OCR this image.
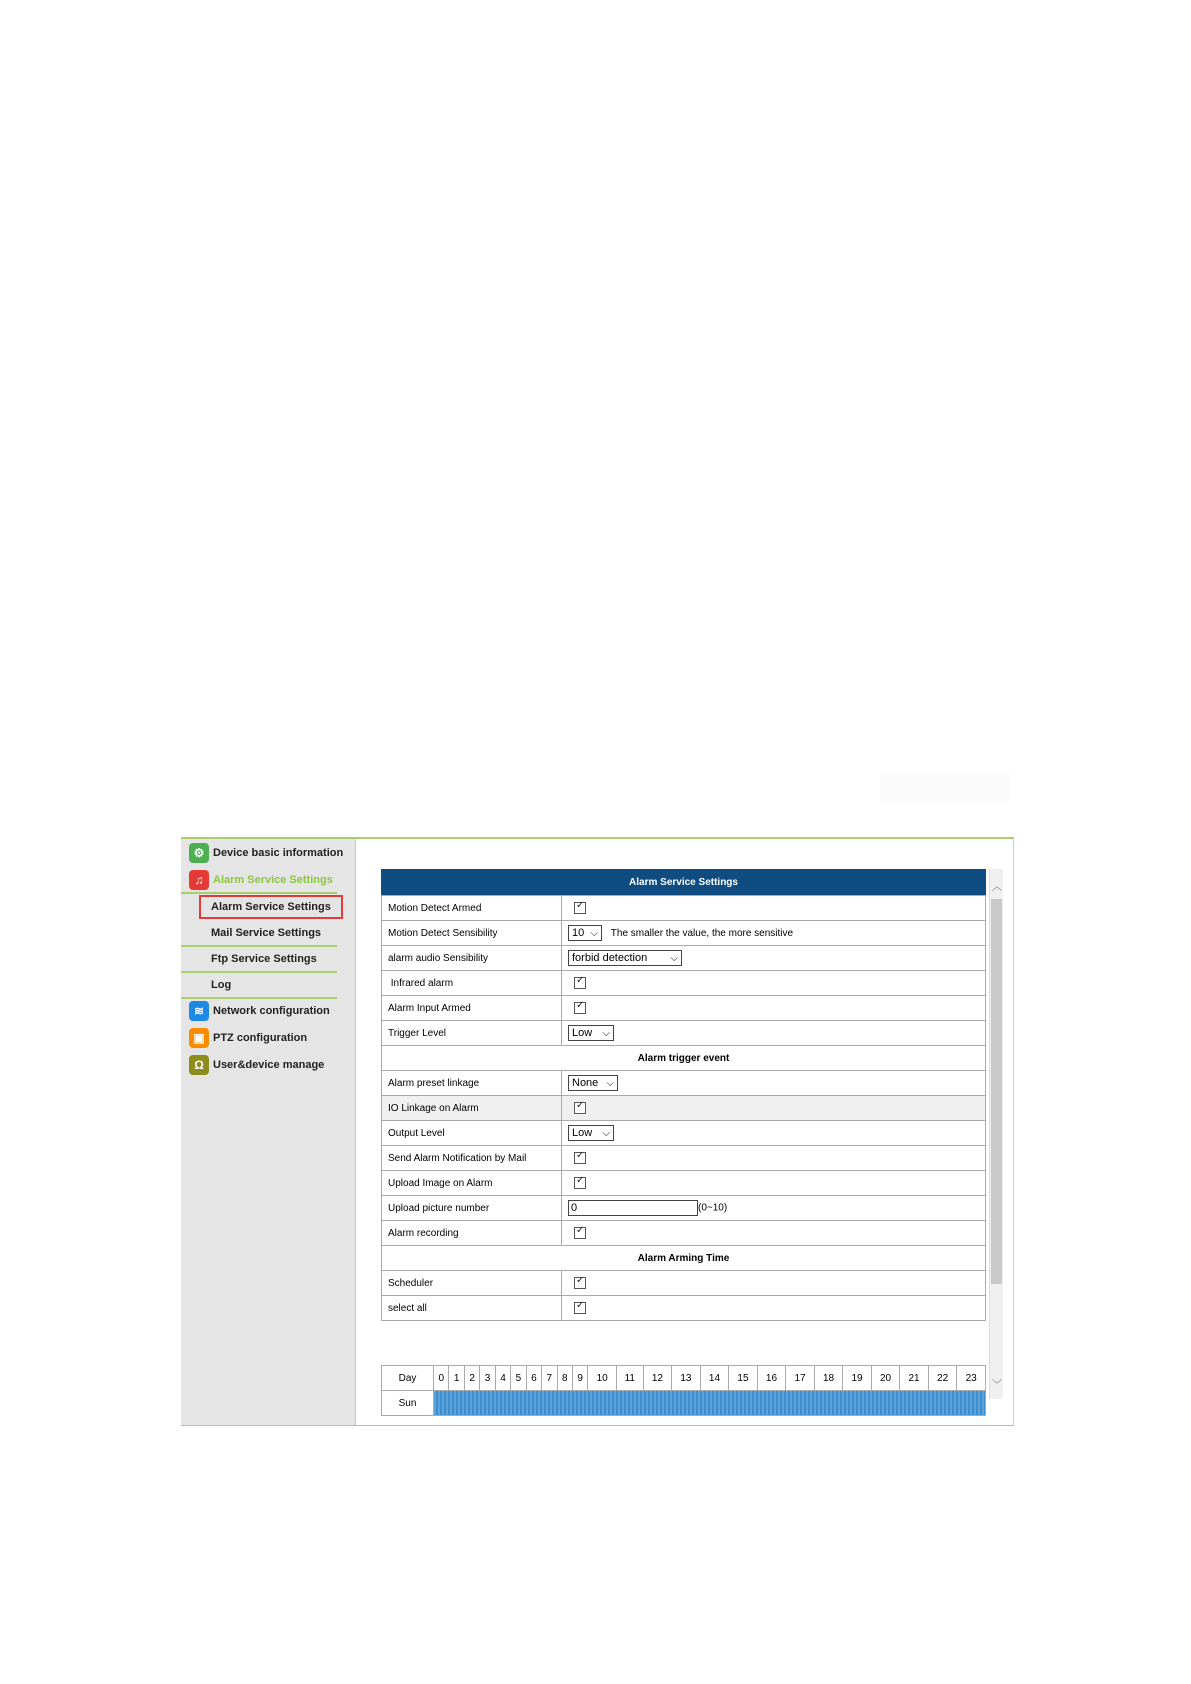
⚙ Device basic information
♫ Alarm Service Settings
Alarm Service Settings
Mail Service Settings
Ftp Service Settings
Log
≋ Network configuration
▣ PTZ configuration
Ω User&device manage
Alarm Service Settings
Motion Detect Armed	✓
Motion Detect Sensibility	10 ⌵ The smaller the value, the more sensitive
alarm audio Sensibility	forbid detection ⌵

Infrared alarm	✓
Alarm Input Armed	✓
Trigger Level	Low ⌵

Alarm trigger event	
Alarm preset linkage	None ⌵

IO Linkage on Alarm	✓
Output Level	Low ⌵

Send Alarm Notification by Mail	✓
Upload Image on Alarm	✓
Upload picture number	0 (0~10)
Alarm recording	✓
Alarm Arming Time	
Scheduler	✓
select all	✓
Day	0	1	2	3	4	5	6	7	8	9	10	11	12	13	14	15	16	17	18	19	20	21	22	23
Sun																								
︿
﹀
